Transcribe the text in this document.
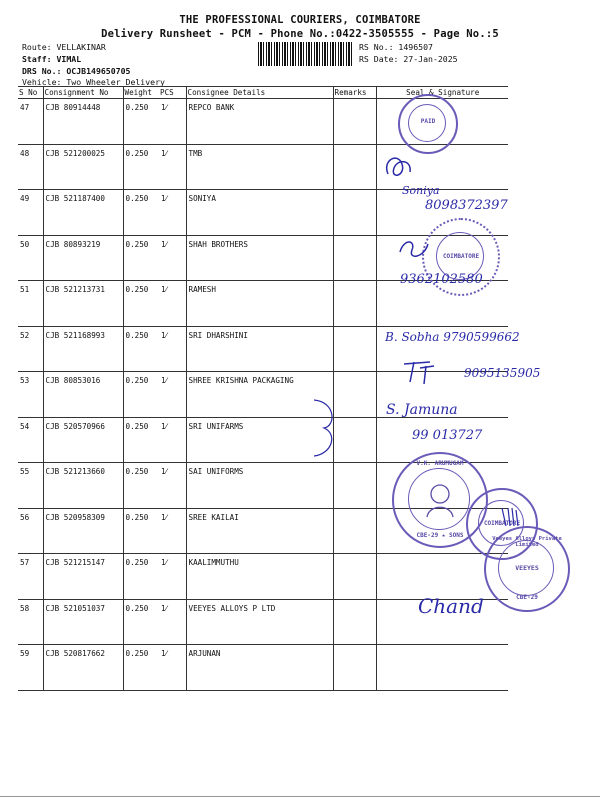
THE PROFESSIONAL COURIERS, COIMBATORE
Delivery Runsheet - PCM - Phone No.:0422-3505555 - Page No.:5
Route: VELLAKINAR
Staff: VIMAL
DRS No.: OCJB149650705
Vehicle: Two Wheeler Delivery
RS No.: 1496507
RS Date: 27-Jan-2025
S No	Consignment No	Weight	PCS	Consignee Details	Remarks	Seal & Signature
47	CJB 80914448	0.250	1⁄	REPCO BANK		
48	CJB 521200025	0.250	1⁄	TMB		
49	CJB 521187400	0.250	1⁄	SONIYA		
50	CJB 80893219	0.250	1⁄	SHAH BROTHERS		
51	CJB 521213731	0.250	1⁄	RAMESH		
52	CJB 521168993	0.250	1⁄	SRI DHARSHINI		
53	CJB 80853016	0.250	1⁄	SHREE KRISHNA PACKAGING		
54	CJB 520570966	0.250	1⁄	SRI UNIFARMS		
55	CJB 521213660	0.250	1⁄	SAI UNIFORMS		
56	CJB 520958309	0.250	1⁄	SREE KAILAI		
57	CJB 521215147	0.250	1⁄	KAALIMMUTHU		
58	CJB 521051037	0.250	1⁄	VEEYES ALLOYS P LTD		
59	CJB 520817662	0.250	1⁄	ARJUNAN		
PAID
Soniya
8098372397
COIMBATORE
9362102580
B. Sobha 9790599662
9095135905
S. Jamuna
99 013727
V.K. ARUMUGAM
CBE-29 ★ SONS
COIMBATORE
Veeyes Alloys Private Limited
VEEYES
CBE-29
Chand
